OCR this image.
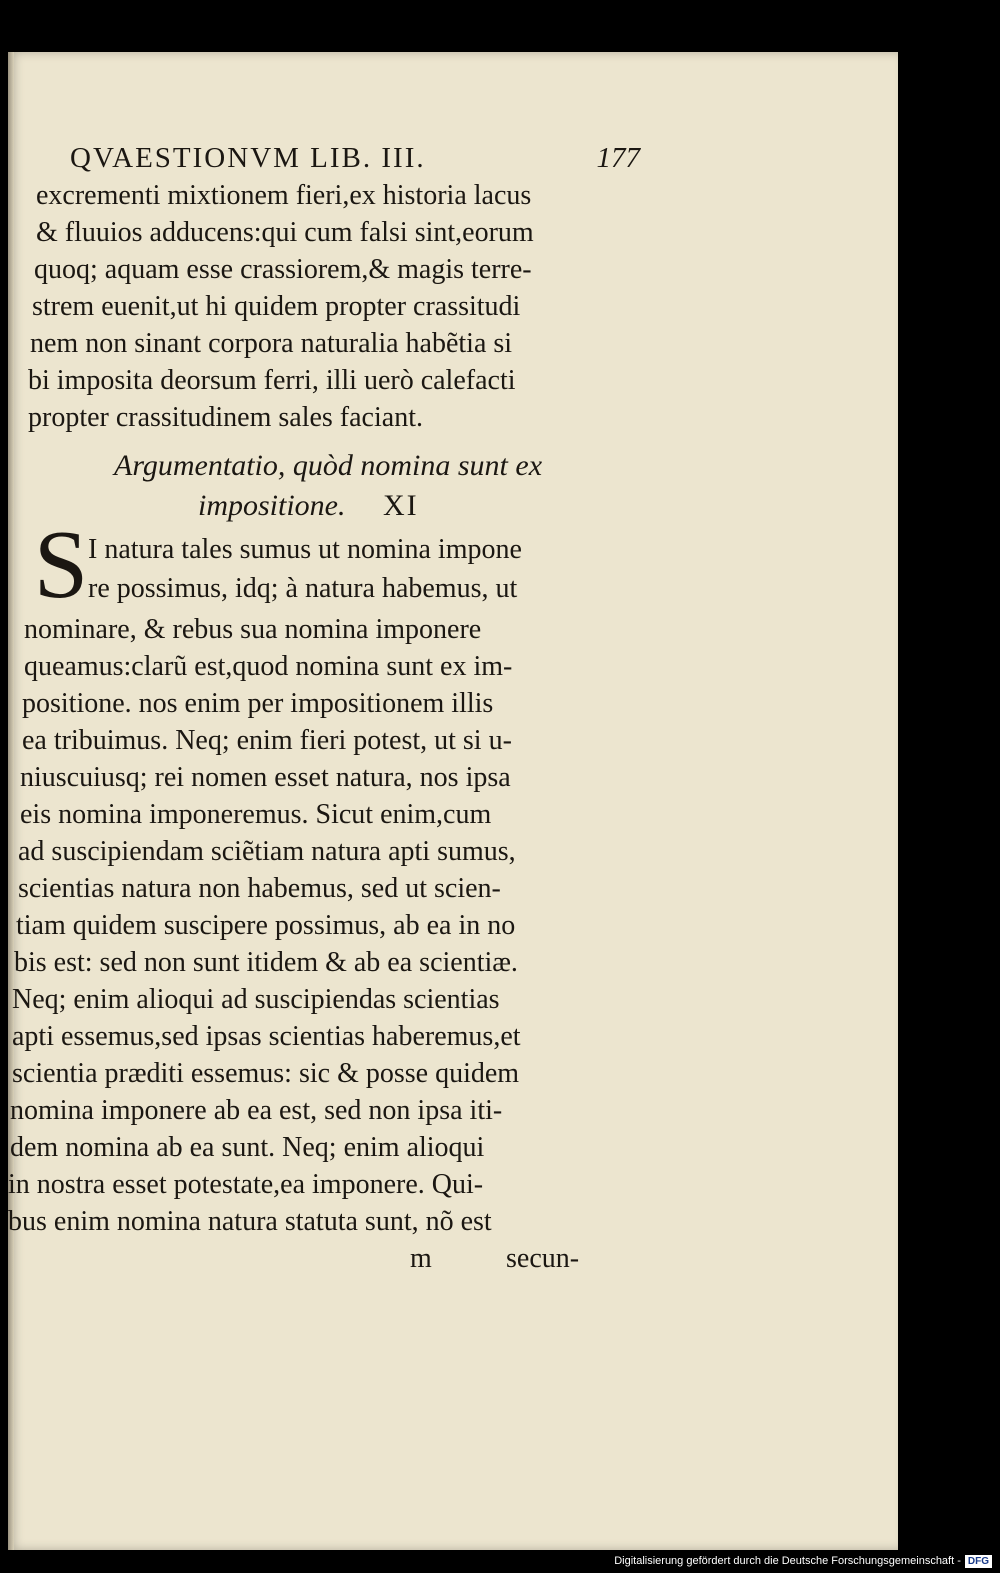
QVAESTIONVM LIB. III.	177
excrementi mixtionem fieri,ex historia lacus
& fluuios adducens:qui cum falsi sint,eorum
quoq; aquam esse crassiorem,& magis terre-
strem euenit,ut hi quidem propter crassitudi
nem non sinant corpora naturalia habẽtia si
bi imposita deorsum ferri, illi uerò calefacti
propter crassitudinem sales faciant.
Argumentatio, quòd nomina sunt ex
impositione. XI
S I natura tales sumus ut nomina impone
re possimus, idq; à natura habemus, ut
nominare, & rebus sua nomina imponere
queamus:clarũ est,quod nomina sunt ex im-
positione. nos enim per impositionem illis
ea tribuimus. Neq; enim fieri potest, ut si u-
niuscuiusq; rei nomen esset natura, nos ipsa
eis nomina imponeremus. Sicut enim,cum
ad suscipiendam sciẽtiam natura apti sumus,
scientias natura non habemus, sed ut scien-
tiam quidem suscipere possimus, ab ea in no
bis est: sed non sunt itidem & ab ea scientiæ.
Neq; enim alioqui ad suscipiendas scientias
apti essemus,sed ipsas scientias haberemus,et
scientia præditi essemus: sic & posse quidem
nomina imponere ab ea est, sed non ipsa iti-
dem nomina ab ea sunt. Neq; enim alioqui
in nostra esset potestate,ea imponere. Qui-
bus enim nomina natura statuta sunt, nõ est
m	secun-
Digitalisierung gefördert durch die Deutsche Forschungsgemeinschaft - DFG
